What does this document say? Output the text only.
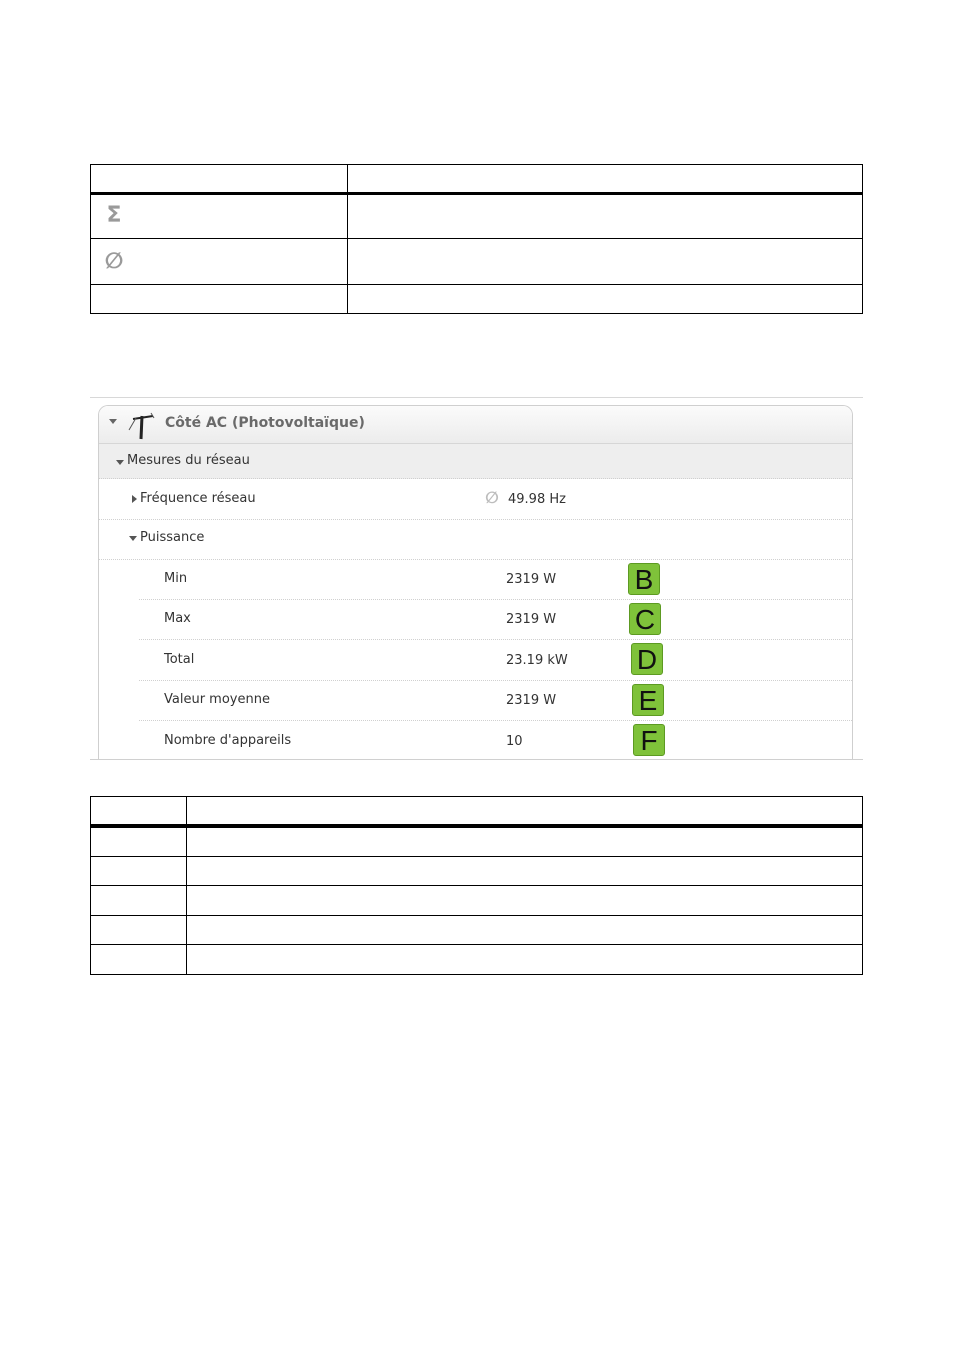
Σ
∅
Côté AC (Photovoltaïque)
Mesures du réseau
Fréquence réseau	∅ 49.98 Hz
Puissance
Min	2319 W	B
Max	2319 W	C
Total	23.19 kW D
Valeur moyenne	2319 W	E
Nombre d'appareils	10	F
